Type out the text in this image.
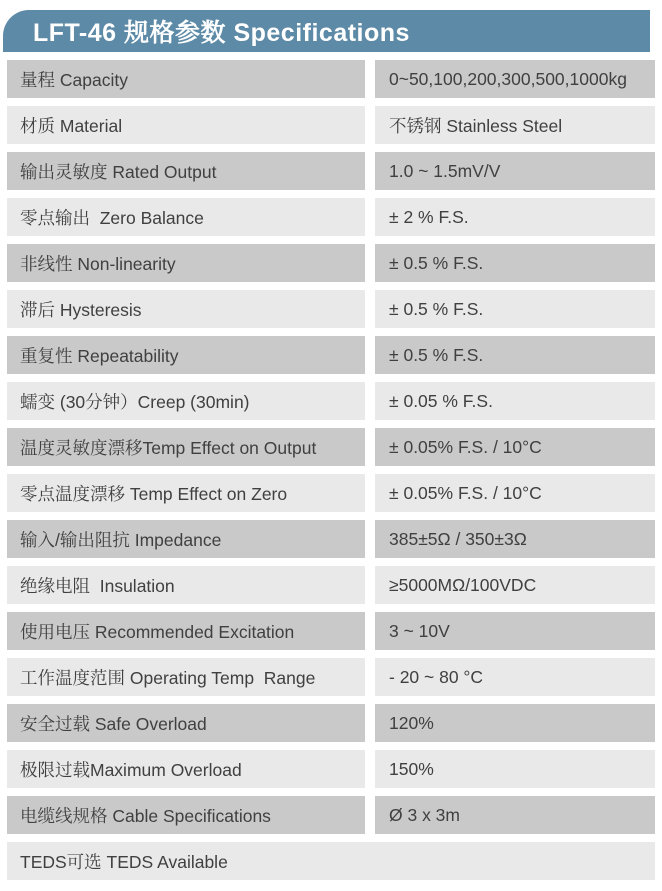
LFT-46 规格参数 Specifications
量程 Capacity	0~50,100,200,300,500,1000kg
材质 Material	不锈钢 Stainless Steel
输出灵敏度 Rated Output	1.0 ~ 1.5mV/V
零点输出  Zero Balance	± 2 % F.S.
非线性 Non-linearity	± 0.5 % F.S.
滞后 Hysteresis	± 0.5 % F.S.
重复性 Repeatability	± 0.5 % F.S.
蠕变 (30分钟）Creep (30min)	± 0.05 % F.S.
温度灵敏度漂移Temp Effect on Output	± 0.05% F.S. / 10°C
零点温度漂移 Temp Effect on Zero	± 0.05% F.S. / 10°C
输入/输出阻抗 Impedance	385±5Ω / 350±3Ω
绝缘电阻  Insulation	≥5000MΩ/100VDC
使用电压 Recommended Excitation	3 ~ 10V
工作温度范围 Operating Temp  Range	- 20 ~ 80 °C
安全过载 Safe Overload	120%
极限过载Maximum Overload	150%
电缆线规格 Cable Specifications	Ø 3 x 3m
TEDS可选 TEDS Available
